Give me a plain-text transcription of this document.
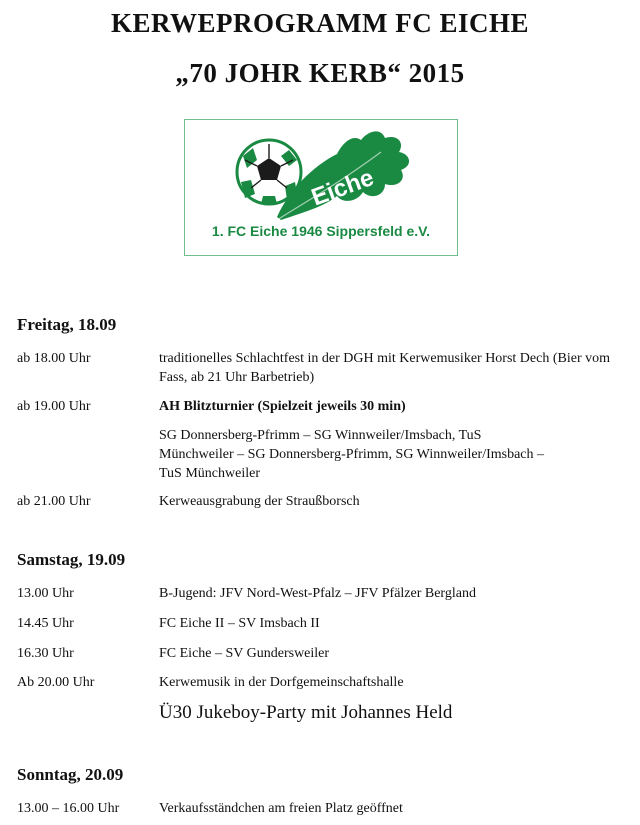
KERWEPROGRAMM FC EICHE
„70 JOHR KERB“ 2015
Eiche
1. FC Eiche 1946 Sippersfeld e.V.
Freitag, 18.09
ab 18.00 Uhr	traditionelles Schlachtfest in der DGH mit Kerwemusiker Horst Dech (Bier vom Fass, ab 21 Uhr Barbetrieb)
ab 19.00 Uhr	AH Blitzturnier (Spielzeit jeweils 30 min)
SG Donnersberg-Pfrimm – SG Winnweiler/Imsbach, TuS Münchweiler – SG Donnersberg-Pfrimm, SG Winnweiler/Imsbach – TuS Münchweiler
ab 21.00 Uhr	Kerweausgrabung der Straußborsch
Samstag, 19.09
13.00 Uhr	B-Jugend: JFV Nord-West-Pfalz – JFV Pfälzer Bergland
14.45 Uhr	FC Eiche II – SV Imsbach II
16.30 Uhr	FC Eiche – SV Gundersweiler
Ab 20.00 Uhr	Kerwemusik in der Dorfgemeinschaftshalle
Ü30 Jukeboy-Party mit Johannes Held
Sonntag, 20.09
13.00 – 16.00 Uhr	Verkaufsständchen am freien Platz geöffnet
